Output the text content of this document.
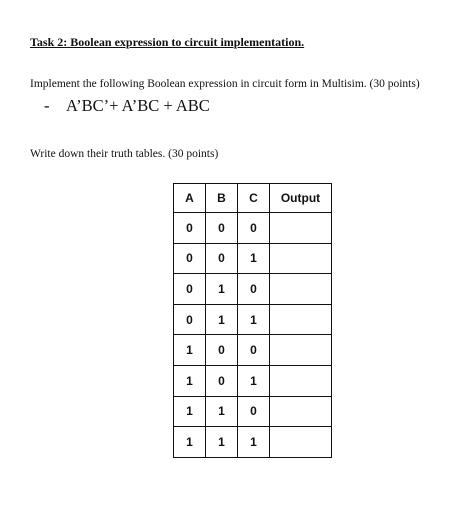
Task 2: Boolean expression to circuit implementation.
Implement the following Boolean expression in circuit form in Multisim. (30 points)
- A’BC’+ A’BC + ABC
Write down their truth tables. (30 points)
A	B	C	Output
0	0	0	
0	0	1	
0	1	0	
0	1	1	
1	0	0	
1	0	1	
1	1	0	
1	1	1	
